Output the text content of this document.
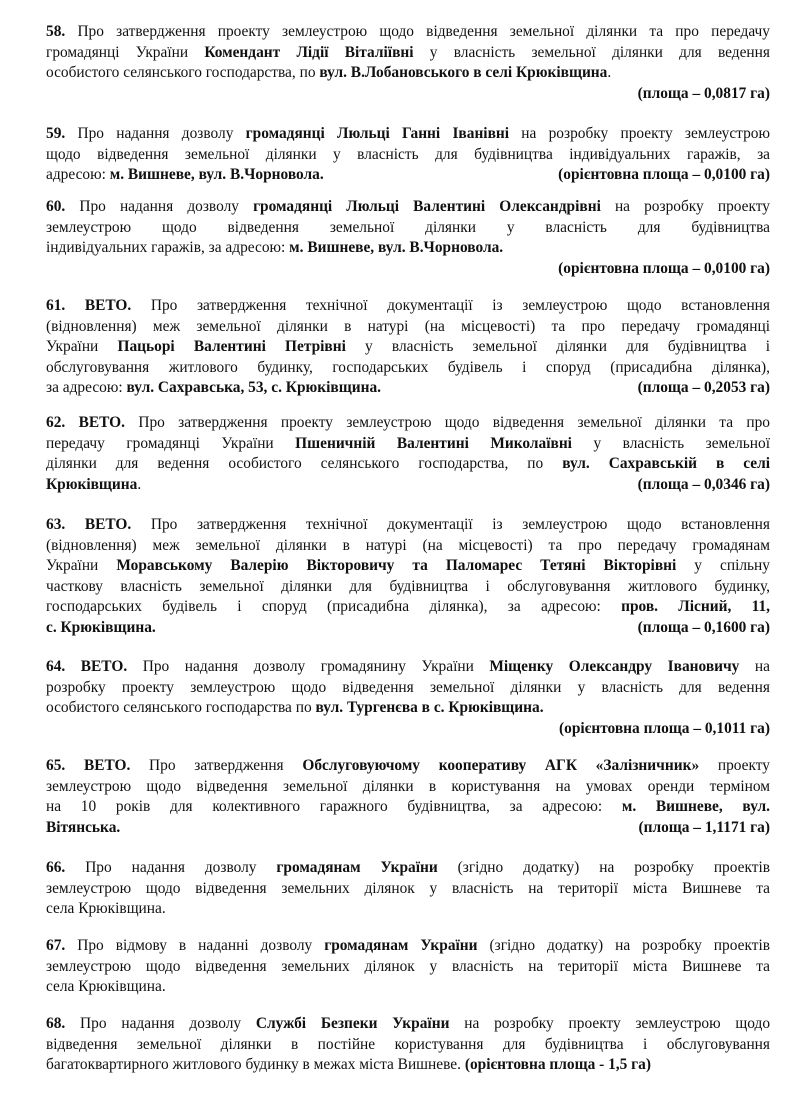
58. Про затвердження проекту землеустрою щодо відведення земельної ділянки та про передачу
громадянці України Комендант Лідії Віталіївні у власність земельної ділянки для ведення
особистого селянського господарства, по вул. В.Лобановського в селі Крюківщина.
(площа – 0,0817 га)
59. Про надання дозволу громадянці Люльці Ганні Іванівні на розробку проекту землеустрою
щодо відведення земельної ділянки у власність для будівництва індивідуальних гаражів, за
адресою: м. Вишневе, вул. В.Чорновола.	(орієнтовна площа – 0,0100 га)
60. Про надання дозволу громадянці Люльці Валентині Олександрівні на розробку проекту
землеустрою щодо відведення земельної ділянки у власність для будівництва
індивідуальних гаражів, за адресою: м. Вишневе, вул. В.Чорновола.
(орієнтовна площа – 0,0100 га)
61. ВЕТО. Про затвердження технічної документації із землеустрою щодо встановлення
(відновлення) меж земельної ділянки в натурі (на місцевості) та про передачу громадянці
України Пацьорі Валентині Петрівні у власність земельної ділянки для будівництва і
обслуговування житлового будинку, господарських будівель і споруд (присадибна ділянка),
за адресою: вул. Сахравська, 53, с. Крюківщина.	(площа – 0,2053 га)
62. ВЕТО. Про затвердження проекту землеустрою щодо відведення земельної ділянки та про
передачу громадянці України Пшеничній Валентині Миколаївні у власність земельної
ділянки для ведення особистого селянського господарства, по вул. Сахравській в селі
Крюківщина.	(площа – 0,0346 га)
63. ВЕТО. Про затвердження технічної документації із землеустрою щодо встановлення
(відновлення) меж земельної ділянки в натурі (на місцевості) та про передачу громадянам
України Моравському Валерію Вікторовичу та Паломарес Тетяні Вікторівні у спільну
часткову власність земельної ділянки для будівництва і обслуговування житлового будинку,
господарських будівель і споруд (присадибна ділянка), за адресою: пров. Лісний, 11,
с. Крюківщина.	(площа – 0,1600 га)
64. ВЕТО. Про надання дозволу громадянину України Міщенку Олександру Івановичу на
розробку проекту землеустрою щодо відведення земельної ділянки у власність для ведення
особистого селянського господарства по вул. Тургенєва в с. Крюківщина.
(орієнтовна площа – 0,1011 га)
65. ВЕТО. Про затвердження Обслуговуючому кооперативу АГК «Залізничник» проекту
землеустрою щодо відведення земельної ділянки в користування на умовах оренди терміном
на 10 років для колективного гаражного будівництва, за адресою: м. Вишневе, вул.
Вітянська.	(площа – 1,1171 га)
66. Про надання дозволу громадянам України (згідно додатку) на розробку проектів
землеустрою щодо відведення земельних ділянок у власність на території міста Вишневе та
села Крюківщина.
67. Про відмову в наданні дозволу громадянам України (згідно додатку) на розробку проектів
землеустрою щодо відведення земельних ділянок у власність на території міста Вишневе та
села Крюківщина.
68. Про надання дозволу Службі Безпеки України на розробку проекту землеустрою щодо
відведення земельної ділянки в постійне користування для будівництва і обслуговування
багатоквартирного житлового будинку в межах міста Вишневе. (орієнтовна площа - 1,5 га)
